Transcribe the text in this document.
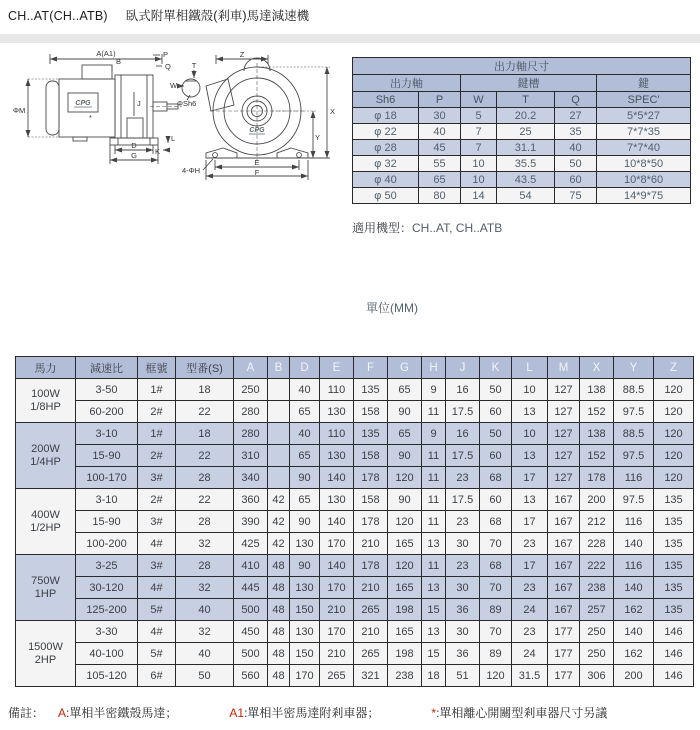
CH..AT(CH..ATB) 臥式附單相鐵殼(剎車)馬達減速機
A(A1)
B
P
Q
ΦM
J
D
G K
L
*
Z
X
Y
E
F
4-ΦH
T
W
ΦSh6
CPG
CPG
出力軸尺寸					
出力軸		鍵槽			鍵
Sh6	P	W	T	Q	SPEC'
φ 18	30	5	20.2	27	5*5*27
φ 22	40	7	25	35	7*7*35
φ 28	45	7	31.1	40	7*7*40
φ 32	55	10	35.5	50	10*8*50
φ 40	65	10	43.5	60	10*8*60
φ 50	80	14	54	75	14*9*75
適用機型：CH..AT, CH..ATB
單位(MM)
馬力	減速比	框號	型番(S)	A	B	D	E	F	G	H	J	K	L	M	X	Y	Z
100W
1/8HP	3-50	1#	18	250		40	110	135	65	9	16	50	10	127	138	88.5	120
	60-200	2#	22	280		65	130	158	90	11	17.5	60	13	127	152	97.5	120
200W
1/4HP	3-10	1#	18	280		40	110	135	65	9	16	50	10	127	138	88.5	120
	15-90	2#	22	310		65	130	158	90	11	17.5	60	13	127	152	97.5	120
	100-170	3#	28	340		90	140	178	120	11	23	68	17	127	178	116	120
400W
1/2HP	3-10	2#	22	360	42	65	130	158	90	11	17.5	60	13	167	200	97.5	135
	15-90	3#	28	390	42	90	140	178	120	11	23	68	17	167	212	116	135
	100-200	4#	32	425	42	130	170	210	165	13	30	70	23	167	228	140	135
750W
1HP	3-25	3#	28	410	48	90	140	178	120	11	23	68	17	167	222	116	135
	30-120	4#	32	445	48	130	170	210	165	13	30	70	23	167	238	140	135
	125-200	5#	40	500	48	150	210	265	198	15	36	89	24	167	257	162	135
1500W
2HP	3-30	4#	32	450	48	130	170	210	165	13	30	70	23	177	250	140	146
	40-100	5#	40	500	48	150	210	265	198	15	36	89	24	177	250	162	146
	105-120	6#	50	560	48	170	265	321	238	18	51	120	31.5	177	306	200	146
備註： A:單相半密鐵殼馬達；	A1:單相半密馬達附剎車器；	*:單相離心開關型剎車器尺寸另議
